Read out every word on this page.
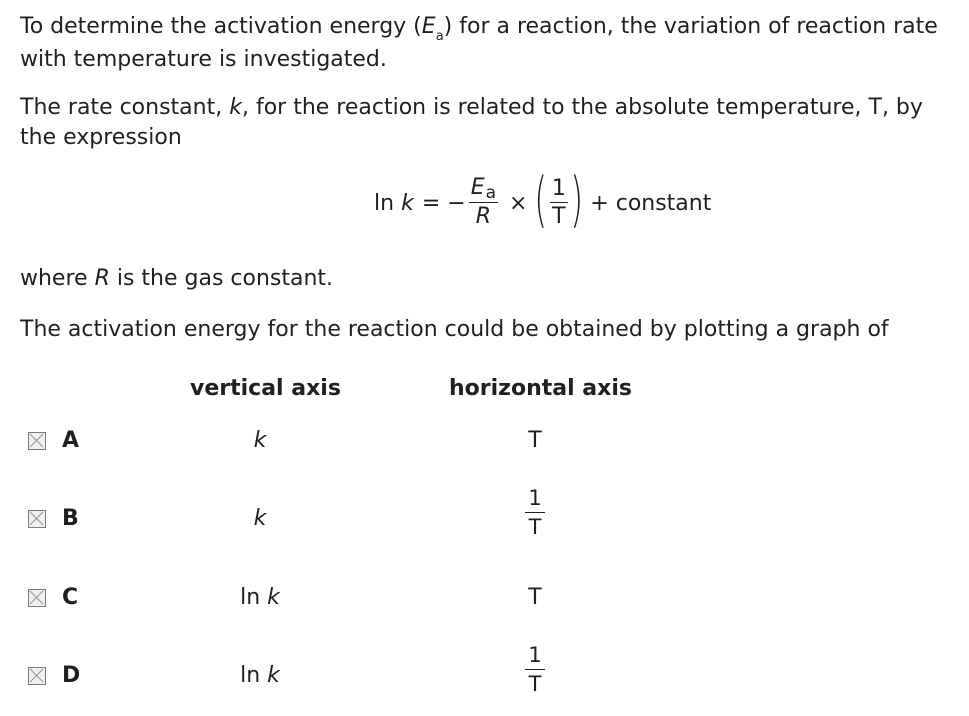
To determine the activation energy $(E_a)$ for a reaction, the variation of reaction rate with temperature is investigated.
The rate constant, k, for the reaction is related to the absolute temperature, T, by the expression
ln
k = − $\frac{Ea}{R}$ × ( $\frac{1}{T}$ ) + constant
where R is the gas constant.
The activation energy for the reaction could be obtained by plotting a graph of
vertical axis	horizontal axis
A	k	T
B	k	$\frac{1}{T}$
C	ln k	T
D	ln k	$\frac{1}{T}$
